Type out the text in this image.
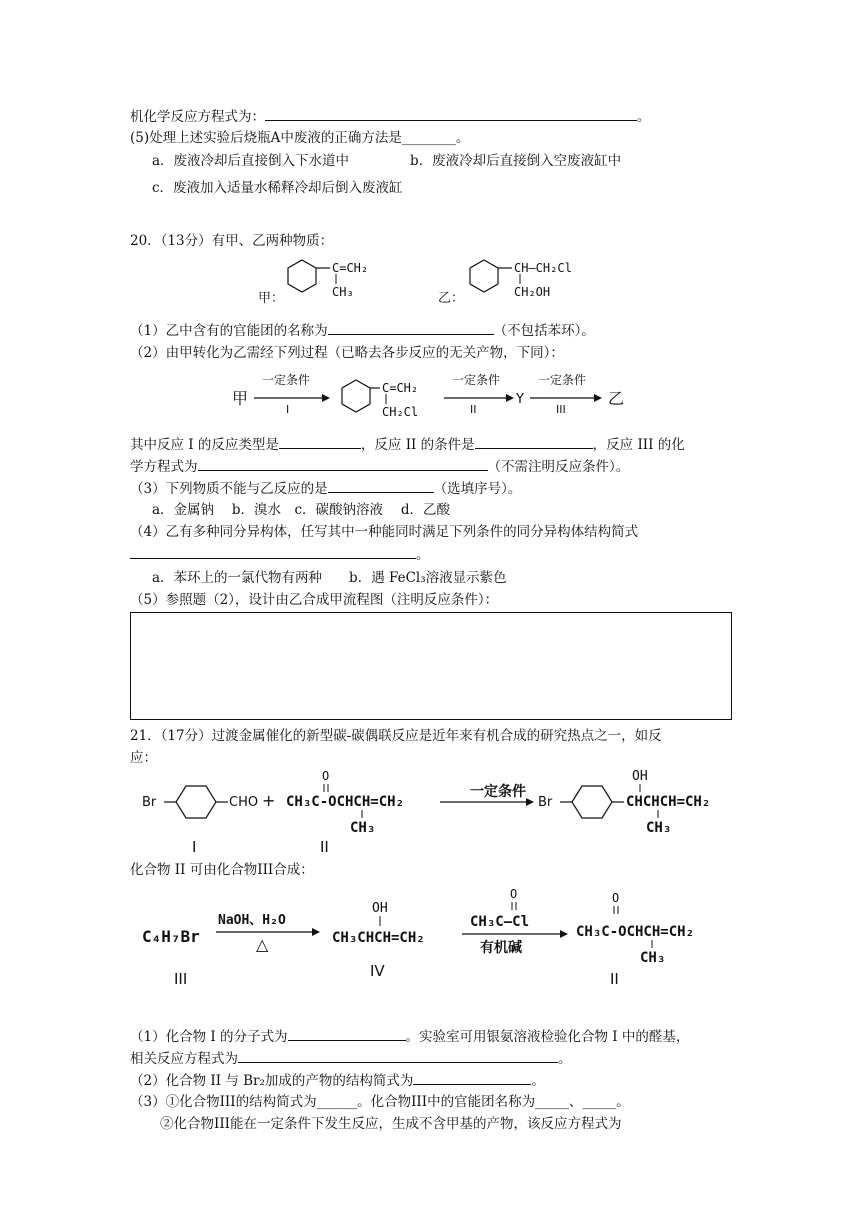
机化学反应方程式为：	。
(5)处理上述实验后烧瓶A中废液的正确方法是________。
a．废液冷却后直接倒入下水道中	b．废液冷却后直接倒入空废液缸中
c．废液加入适量水稀释冷却后倒入废液缸
20．（13分）有甲、乙两种物质：
甲：
C=CH₂
CH₃	乙：
CH—CH₂Cl
CH₂OH
（1）乙中含有的官能团的名称为	（不包括苯环）。
（2）由甲转化为乙需经下列过程（已略去各步反应的无关产物，下同）：
甲
一定条件
I
C=CH₂
CH₂Cl
一定条件
II
Y
一定条件
III
乙
其中反应 I 的反应类型是	，反应 II 的条件是	，反应 III 的化
学方程式为	（不需注明反应条件）。
（3）下列物质不能与乙反应的是	（选填序号）。
a．金属钠　 b．溴水　c．碳酸钠溶液　 d．乙酸
（4）乙有多种同分异构体，任写其中一种能同时满足下列条件的同分异构体结构简式
。
a．苯环上的一氯代物有两种　　b．遇 FeCl₃溶液显示紫色
（5）参照题（2），设计由乙合成甲流程图（注明反应条件）：
21．（17分）过渡金属催化的新型碳-碳偶联反应是近年来有机合成的研究热点之一，如反
应：
Br	CHO +
O
CH₃C-OCHCH=CH₂
CH₃
一定条件
Br
OH
CHCHCH=CH₂
CH₃
I	II
化合物 II 可由化合物III合成：
C₄H₇Br
NaOH、H₂O
△
OH
CH₃CHCH=CH₂
O
CH₃C—Cl
有机碱
O
CH₃C-OCHCH=CH₂
CH₃
III	IV	II
（1）化合物 I 的分子式为	。实验室可用银氨溶液检验化合物 I 中的醛基，
相关反应方程式为	。
（2）化合物 II 与 Br₂加成的产物的结构简式为	。
（3）①化合物III的结构简式为______。化合物III中的官能团名称为_____、_____。
②化合物III能在一定条件下发生反应，生成不含甲基的产物，该反应方程式为
